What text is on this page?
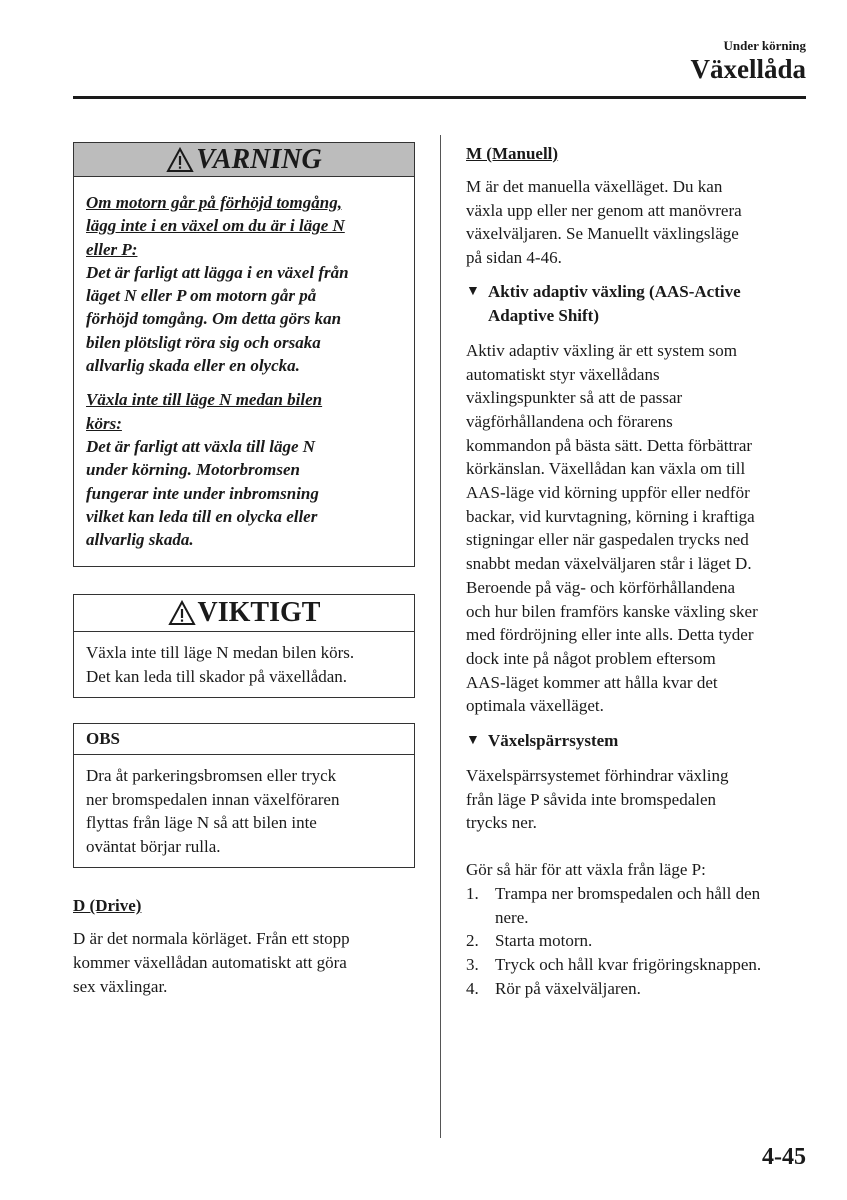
Under körning
Växellåda
VARNING

Om motorn går på förhöjd tomgång,
lägg inte i en växel om du är i läge N
eller P:
Det är farligt att lägga i en växel från
läget N eller P om motorn går på
förhöjd tomgång. Om detta görs kan
bilen plötsligt röra sig och orsaka
allvarlig skada eller en olycka.

Växla inte till läge N medan bilen
körs:
Det är farligt att växla till läge N
under körning. Motorbromsen
fungerar inte under inbromsning
vilket kan leda till en olycka eller
allvarlig skada.

VIKTIGT
Växla inte till läge N medan bilen körs.
Det kan leda till skador på växellådan.
OBS
Dra åt parkeringsbromsen eller tryck
ner bromspedalen innan växelföraren
flyttas från läge N så att bilen inte
oväntat börjar rulla.
D (Drive)

D är det normala körläget. Från ett stopp
kommer växellådan automatiskt att göra
sex växlingar.

M (Manuell)

M är det manuella växelläget. Du kan
växla upp eller ner genom att manövrera
växelväljaren. Se Manuellt växlingsläge
på sidan 4-46.

▼ Aktiv adaptiv växling (AAS-Active
Adaptive Shift)

Aktiv adaptiv växling är ett system som
automatiskt styr växellådans
växlingspunkter så att de passar
vägförhållandena och förarens
kommandon på bästa sätt. Detta förbättrar
körkänslan. Växellådan kan växla om till
AAS-läge vid körning uppför eller nedför
backar, vid kurvtagning, körning i kraftiga
stigningar eller när gaspedalen trycks ned
snabbt medan växelväljaren står i läget D.
Beroende på väg- och körförhållandena
och hur bilen framförs kanske växling sker
med fördröjning eller inte alls. Detta tyder
dock inte på något problem eftersom
AAS-läget kommer att hålla kvar det
optimala växelläget.

▼ Växelspärrsystem

Växelspärrsystemet förhindrar växling
från läge P såvida inte bromspedalen
trycks ner.

Gör så här för att växla från läge P:

1. Trampa ner bromspedalen och håll den
nere.
2. Starta motorn.
3. Tryck och håll kvar frigöringsknappen.
4. Rör på växelväljaren.
4-45
